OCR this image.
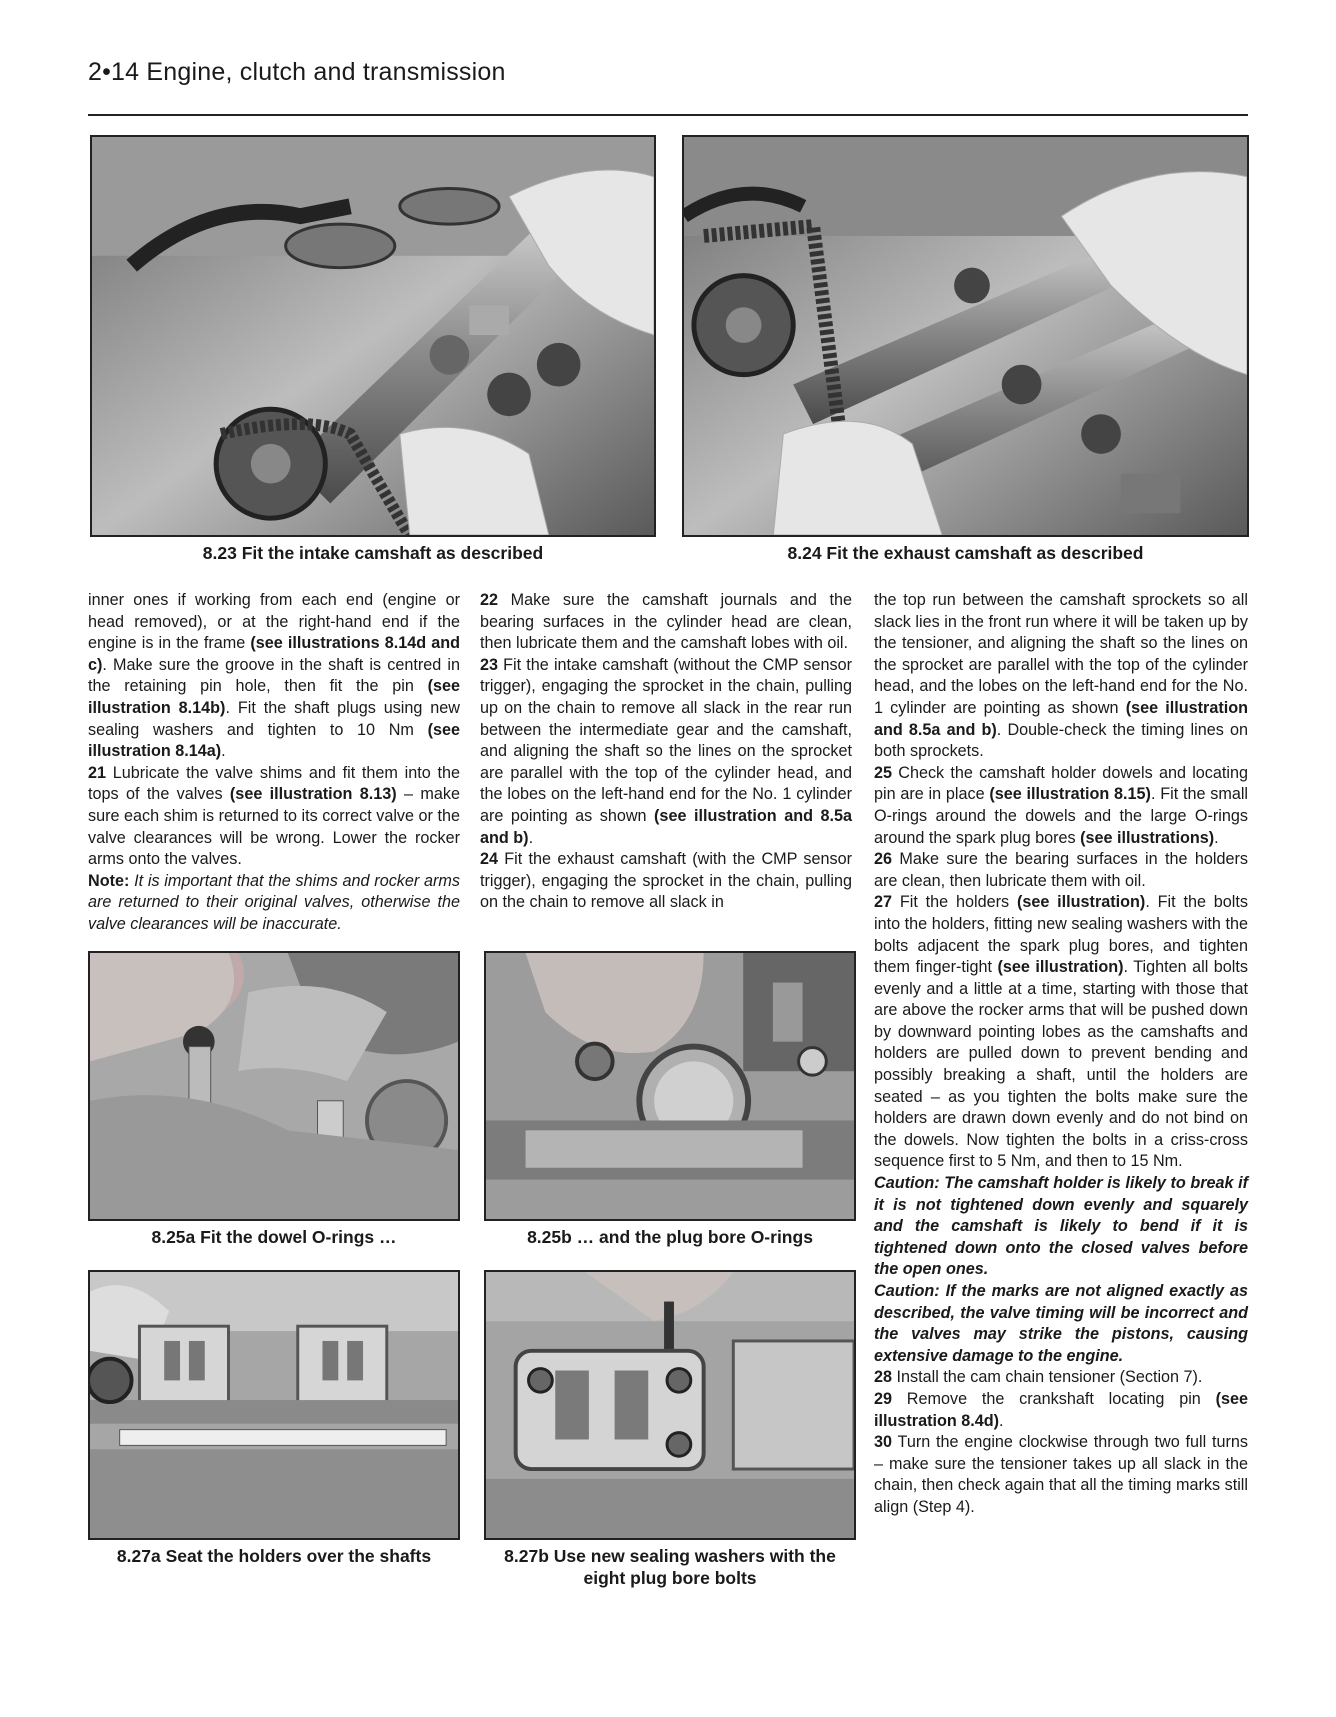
2•14 Engine, clutch and transmission
8.23 Fit the intake camshaft as described	8.24 Fit the exhaust camshaft as described

inner ones if working from each end (engine or head removed), or at the right-hand end if the engine is in the frame (see illustrations 8.14d and c). Make sure the groove in the shaft is centred in the retaining pin hole, then fit the pin (see illustration 8.14b). Fit the shaft plugs using new sealing washers and tighten to 10 Nm (see illustration 8.14a).

21 Lubricate the valve shims and fit them into the tops of the valves (see illustration 8.13) – make sure each shim is returned to its correct valve or the valve clearances will be wrong. Lower the rocker arms onto the valves.

Note: It is important that the shims and rocker arms are returned to their original valves, otherwise the valve clearances will be inaccurate.

22 Make sure the camshaft journals and the bearing surfaces in the cylinder head are clean, then lubricate them and the camshaft lobes with oil.

23 Fit the intake camshaft (without the CMP sensor trigger), engaging the sprocket in the chain, pulling up on the chain to remove all slack in the rear run between the intermediate gear and the camshaft, and aligning the shaft so the lines on the sprocket are parallel with the top of the cylinder head, and the lobes on the left-hand end for the No. 1 cylinder are pointing as shown (see illustration and 8.5a and b).

24 Fit the exhaust camshaft (with the CMP sensor trigger), engaging the sprocket in the chain, pulling on the chain to remove all slack in

the top run between the camshaft sprockets so all slack lies in the front run where it will be taken up by the tensioner, and aligning the shaft so the lines on the sprocket are parallel with the top of the cylinder head, and the lobes on the left-hand end for the No. 1 cylinder are pointing as shown (see illustration and 8.5a and b). Double-check the timing lines on both sprockets.

25 Check the camshaft holder dowels and locating pin are in place (see illustration 8.15). Fit the small O-rings around the dowels and the large O-rings around the spark plug bores (see illustrations).

26 Make sure the bearing surfaces in the holders are clean, then lubricate them with oil.

27 Fit the holders (see illustration). Fit the bolts into the holders, fitting new sealing washers with the bolts adjacent the spark plug bores, and tighten them finger-tight (see illustration). Tighten all bolts evenly and a little at a time, starting with those that are above the rocker arms that will be pushed down by downward pointing lobes as the camshafts and holders are pulled down to prevent bending and possibly breaking a shaft, until the holders are seated – as you tighten the bolts make sure the holders are drawn down evenly and do not bind on the dowels. Now tighten the bolts in a criss-cross sequence first to 5 Nm, and then to 15 Nm.

Caution: The camshaft holder is likely to break if it is not tightened down evenly and squarely and the camshaft is likely to bend if it is tightened down onto the closed valves before the open ones.

Caution: If the marks are not aligned exactly as described, the valve timing will be incorrect and the valves may strike the pistons, causing extensive damage to the engine.

28 Install the cam chain tensioner (Section 7).

29 Remove the crankshaft locating pin (see illustration 8.4d).

30 Turn the engine clockwise through two full turns – make sure the tensioner takes up all slack in the chain, then check again that all the timing marks still align (Step 4).

8.25a Fit the dowel O-rings …	8.25b … and the plug bore O-rings
8.27a Seat the holders over the shafts	8.27b Use new sealing washers with the
eight plug bore bolts
